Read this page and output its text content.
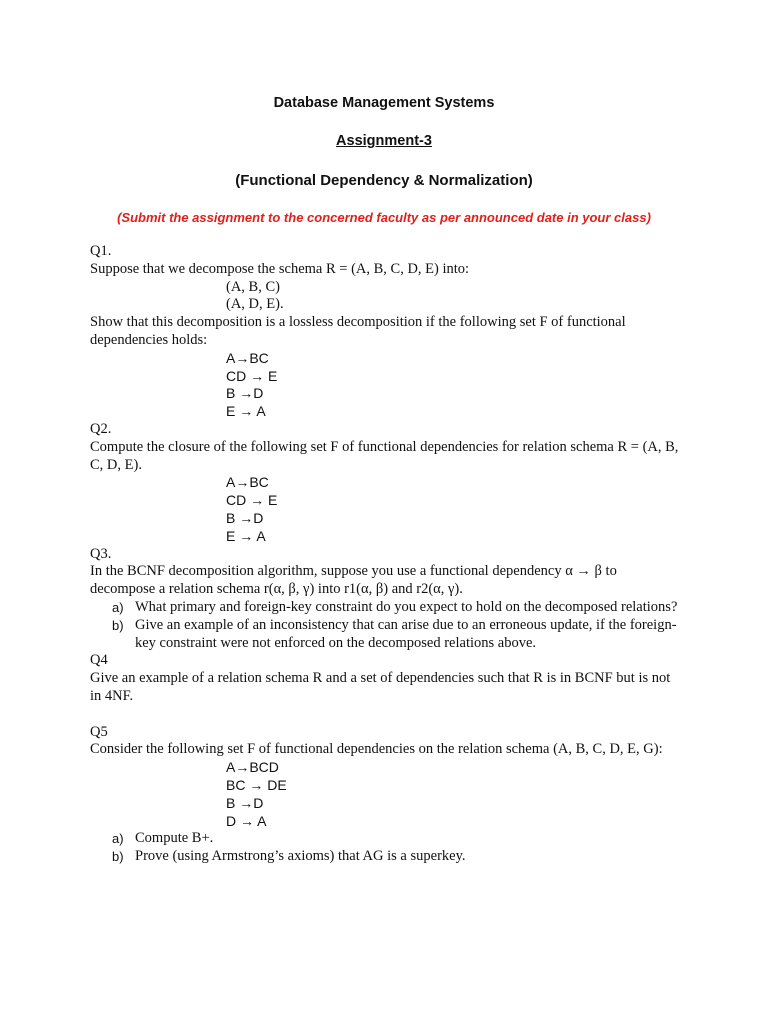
Database Management Systems
Assignment-3
(Functional Dependency & Normalization)
(Submit the assignment to the concerned faculty as per announced date in your class)
Q1.
Suppose that we decompose the schema R = (A, B, C, D, E) into:
(A, B, C)
(A, D, E).
Show that this decomposition is a lossless decomposition if the following set F of functional dependencies holds:
A→BC
CD → E
B →D
E → A
Q2.
Compute the closure of the following set F of functional dependencies for relation schema R = (A, B, C, D, E).
A→BC
CD → E
B →D
E → A
Q3.
In the BCNF decomposition algorithm, suppose you use a functional dependency α → β to decompose a relation schema r(α, β, γ) into r1(α, β) and r2(α, γ).
a) What primary and foreign-key constraint do you expect to hold on the decomposed relations?
b) Give an example of an inconsistency that can arise due to an erroneous update, if the foreign-key constraint were not enforced on the decomposed relations above.
Q4
Give an example of a relation schema R and a set of dependencies such that R is in BCNF but is not in 4NF.
Q5
Consider the following set F of functional dependencies on the relation schema (A, B, C, D, E, G):
A→BCD
BC → DE
B →D
D → A
a) Compute B+.
b) Prove (using Armstrong’s axioms) that AG is a superkey.
